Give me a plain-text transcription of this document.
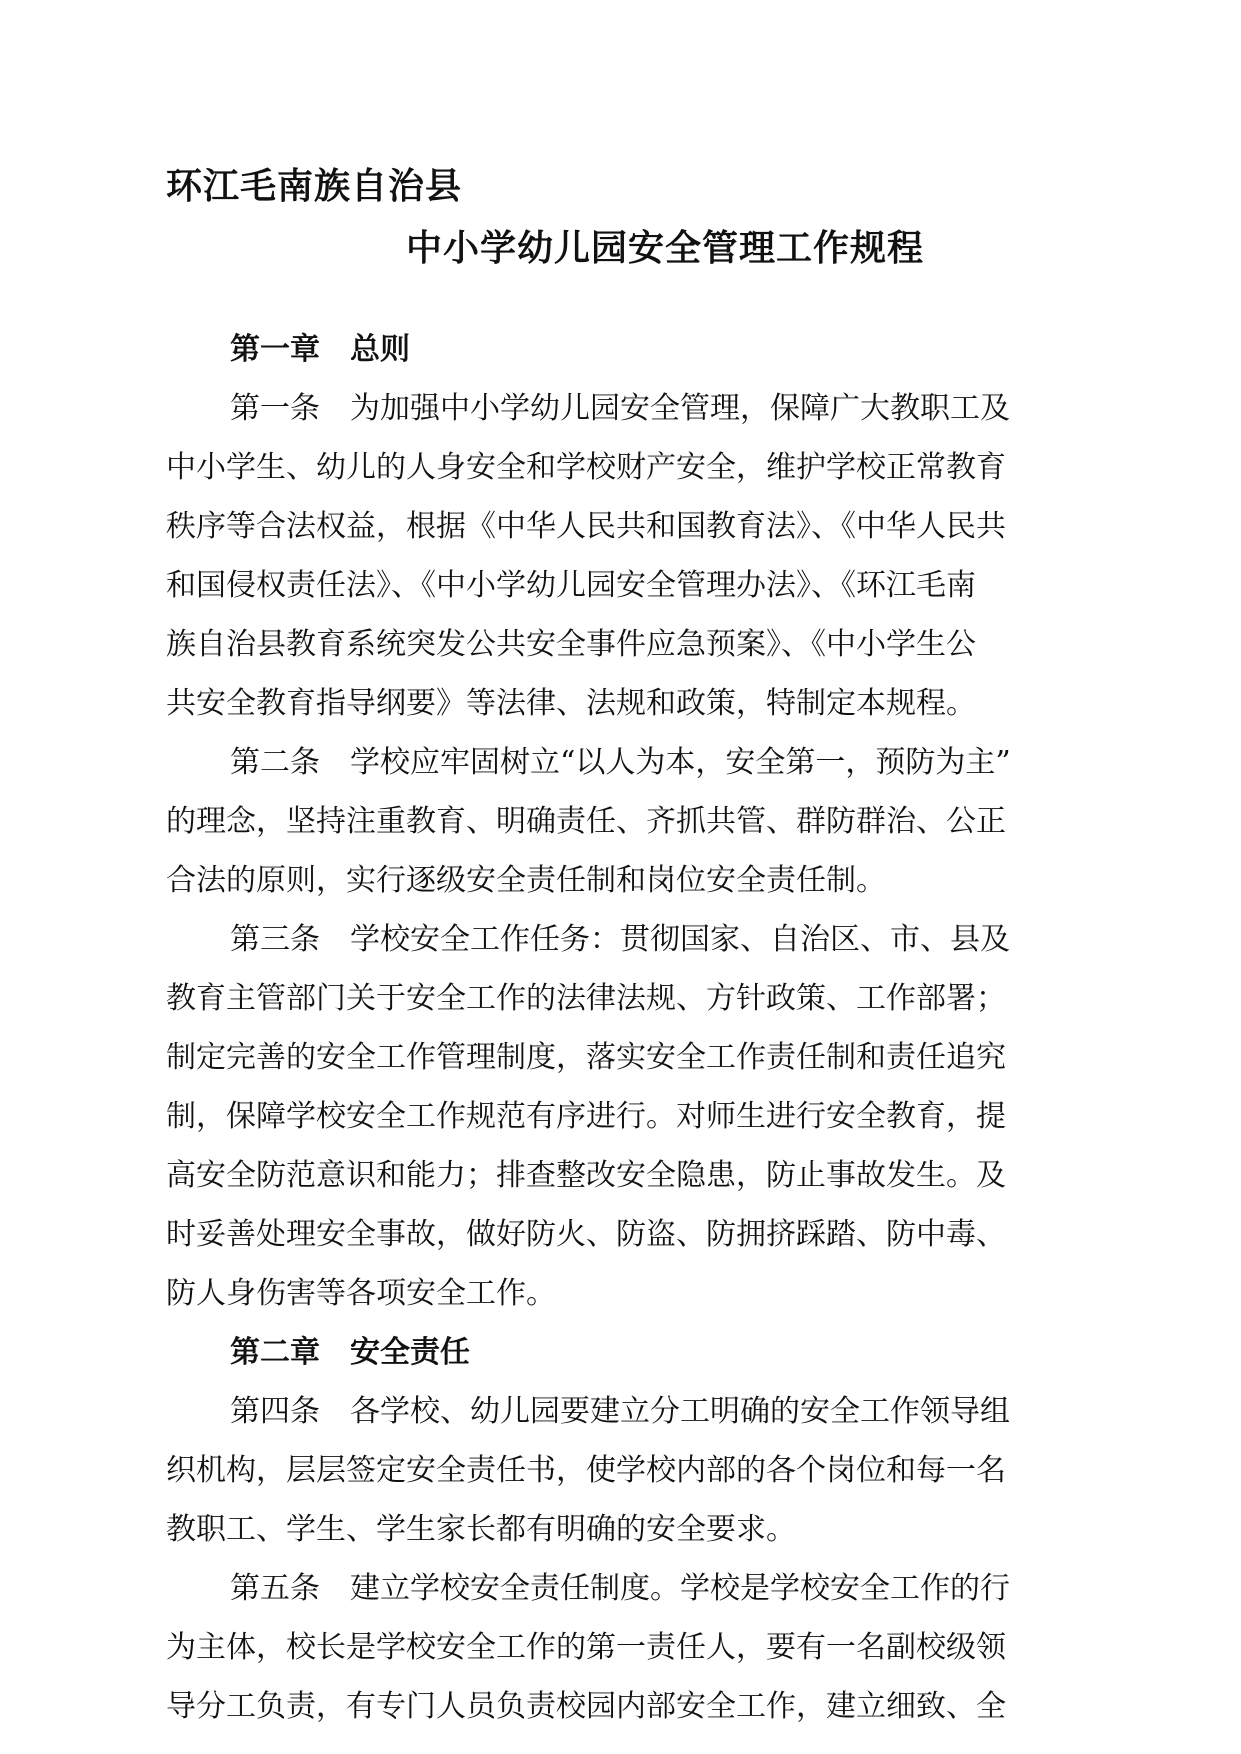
环江毛南族自治县
中小学幼儿园安全管理工作规程
第一章 总则
第一条 为加强中小学幼儿园安全管理，保障广大教职工及
中小学生、幼儿的人身安全和学校财产安全，维护学校正常教育
秩序等合法权益，根据《中华人民共和国教育法》、《中华人民共
和国侵权责任法》、《中小学幼儿园安全管理办法》、《环江毛南
族自治县教育系统突发公共安全事件应急预案》、《中小学生公
共安全教育指导纲要》等法律、法规和政策，特制定本规程。
第二条 学校应牢固树立“以人为本，安全第一，预防为主”
的理念，坚持注重教育、明确责任、齐抓共管、群防群治、公正
合法的原则，实行逐级安全责任制和岗位安全责任制。
第三条 学校安全工作任务：贯彻国家、自治区、市、县及
教育主管部门关于安全工作的法律法规、方针政策、工作部署；
制定完善的安全工作管理制度，落实安全工作责任制和责任追究
制，保障学校安全工作规范有序进行。对师生进行安全教育，提
高安全防范意识和能力；排查整改安全隐患，防止事故发生。及
时妥善处理安全事故，做好防火、防盗、防拥挤踩踏、防中毒、
防人身伤害等各项安全工作。
第二章 安全责任
第四条 各学校、幼儿园要建立分工明确的安全工作领导组
织机构，层层签定安全责任书，使学校内部的各个岗位和每一名
教职工、学生、学生家长都有明确的安全要求。
第五条 建立学校安全责任制度。学校是学校安全工作的行
为主体，校长是学校安全工作的第一责任人，要有一名副校级领
导分工负责，有专门人员负责校园内部安全工作，建立细致、全
